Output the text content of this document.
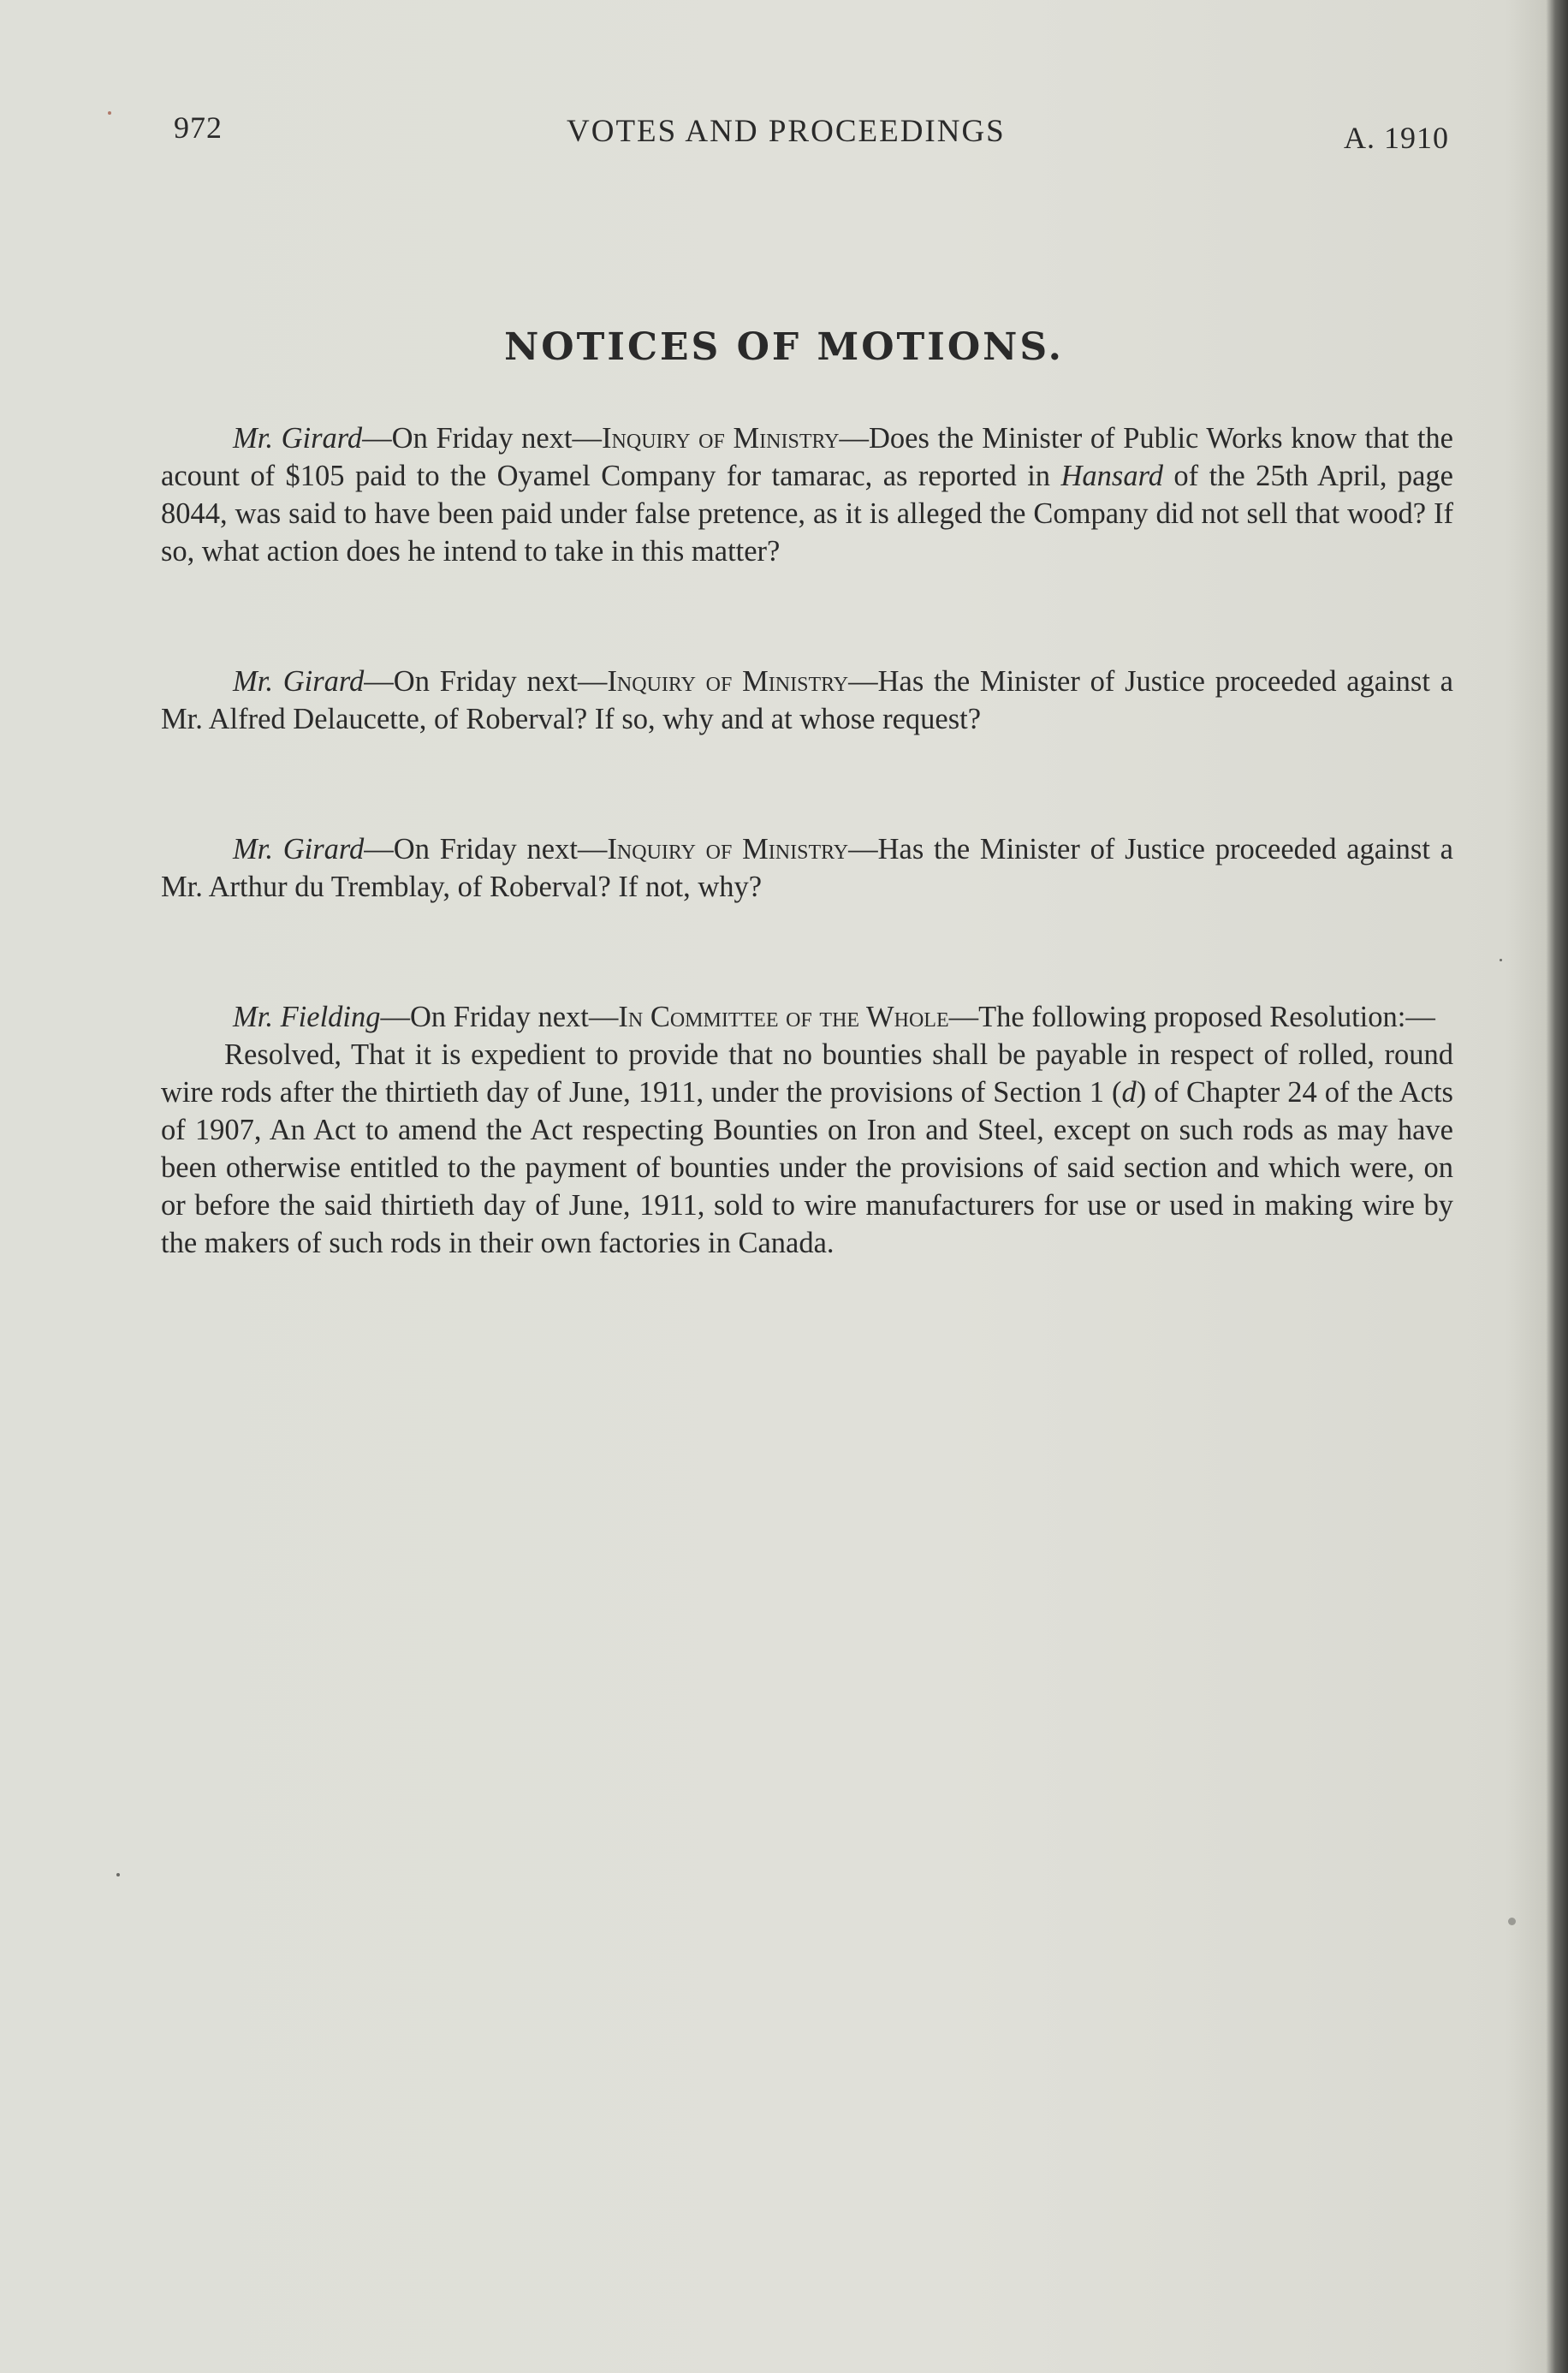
972	VOTES AND PROCEEDINGS	A. 1910
NOTICES OF MOTIONS.

Mr. Girard—On Friday next—Inquiry of Ministry—Does the Minister of Public Works know that the acount of $105 paid to the Oyamel Company for tamarac, as reported in Hansard of the 25th April, page 8044, was said to have been paid under false pretence, as it is alleged the Company did not sell that wood? If so, what action does he intend to take in this matter?

Mr. Girard—On Friday next—Inquiry of Ministry—Has the Minister of Justice proceeded against a Mr. Alfred Delaucette, of Roberval? If so, why and at whose request?

Mr. Girard—On Friday next—Inquiry of Ministry—Has the Minister of Justice proceeded against a Mr. Arthur du Tremblay, of Roberval? If not, why?

Mr. Fielding—On Friday next—In Committee of the Whole—The following proposed Resolution:—

Resolved, That it is expedient to provide that no bounties shall be payable in respect of rolled, round wire rods after the thirtieth day of June, 1911, under the provisions of Section 1 (d) of Chapter 24 of the Acts of 1907, An Act to amend the Act respecting Bounties on Iron and Steel, except on such rods as may have been otherwise entitled to the payment of bounties under the provisions of said section and which were, on or before the said thirtieth day of June, 1911, sold to wire manufacturers for use or used in making wire by the makers of such rods in their own factories in Canada.
